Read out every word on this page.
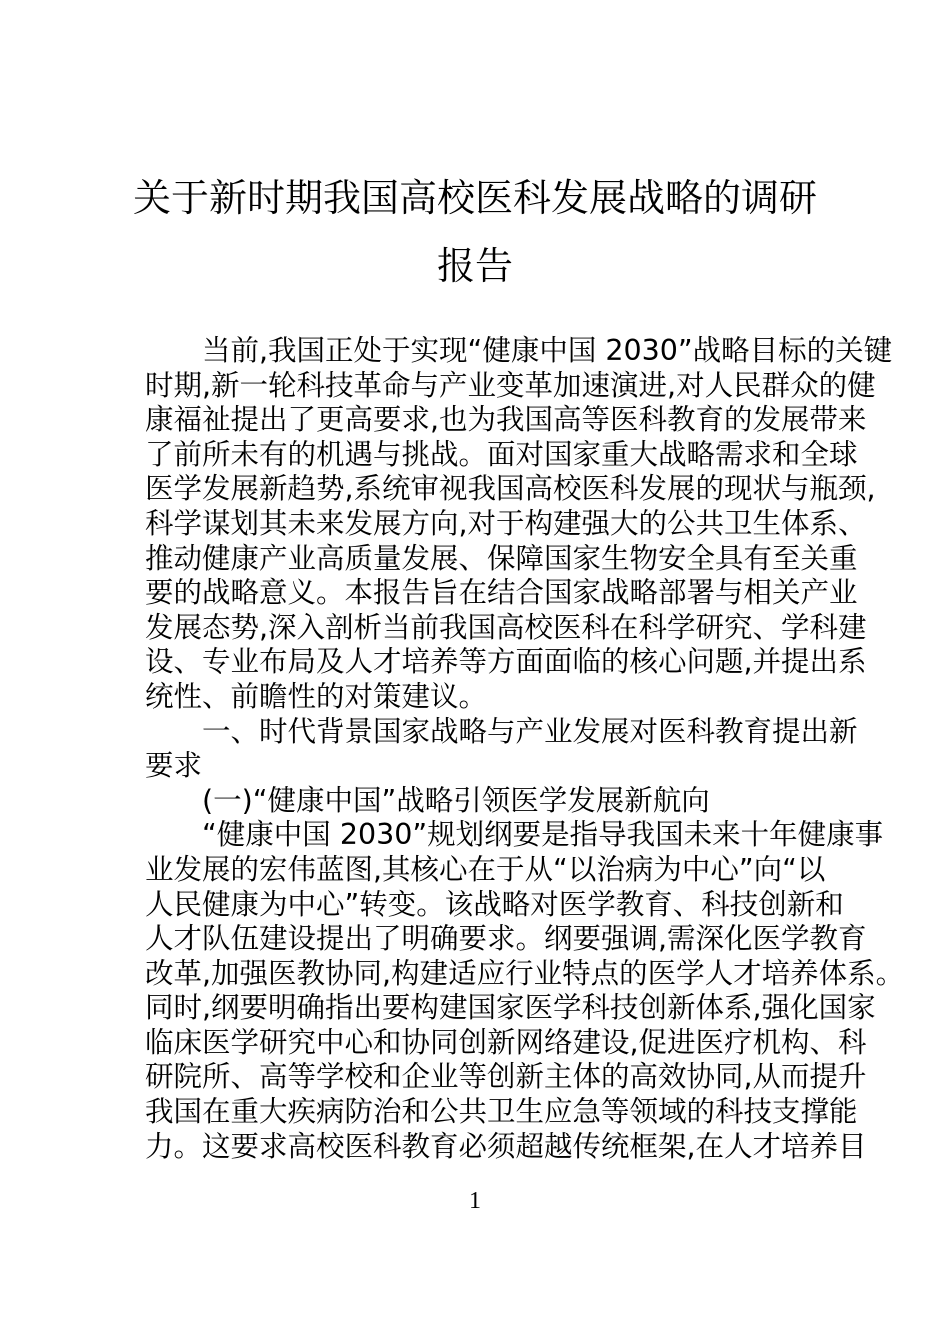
关于新时期我国高校医科发展战略的调研
报告
当前,我国正处于实现“健康中国 2030”战略目标的关键
时期,新一轮科技革命与产业变革加速演进,对人民群众的健
康福祉提出了更高要求,也为我国高等医科教育的发展带来
了前所未有的机遇与挑战。面对国家重大战略需求和全球
医学发展新趋势,系统审视我国高校医科发展的现状与瓶颈,
科学谋划其未来发展方向,对于构建强大的公共卫生体系、
推动健康产业高质量发展、保障国家生物安全具有至关重
要的战略意义。本报告旨在结合国家战略部署与相关产业
发展态势,深入剖析当前我国高校医科在科学研究、学科建
设、专业布局及人才培养等方面面临的核心问题,并提出系
统性、前瞻性的对策建议。
一、时代背景国家战略与产业发展对医科教育提出新
要求
(一)“健康中国”战略引领医学发展新航向
“健康中国 2030”规划纲要是指导我国未来十年健康事
业发展的宏伟蓝图,其核心在于从“以治病为中心”向“以
人民健康为中心”转变。该战略对医学教育、科技创新和
人才队伍建设提出了明确要求。纲要强调,需深化医学教育
改革,加强医教协同,构建适应行业特点的医学人才培养体系。
同时,纲要明确指出要构建国家医学科技创新体系,强化国家
临床医学研究中心和协同创新网络建设,促进医疗机构、科
研院所、高等学校和企业等创新主体的高效协同,从而提升
我国在重大疾病防治和公共卫生应急等领域的科技支撑能
力。这要求高校医科教育必须超越传统框架,在人才培养目
1
